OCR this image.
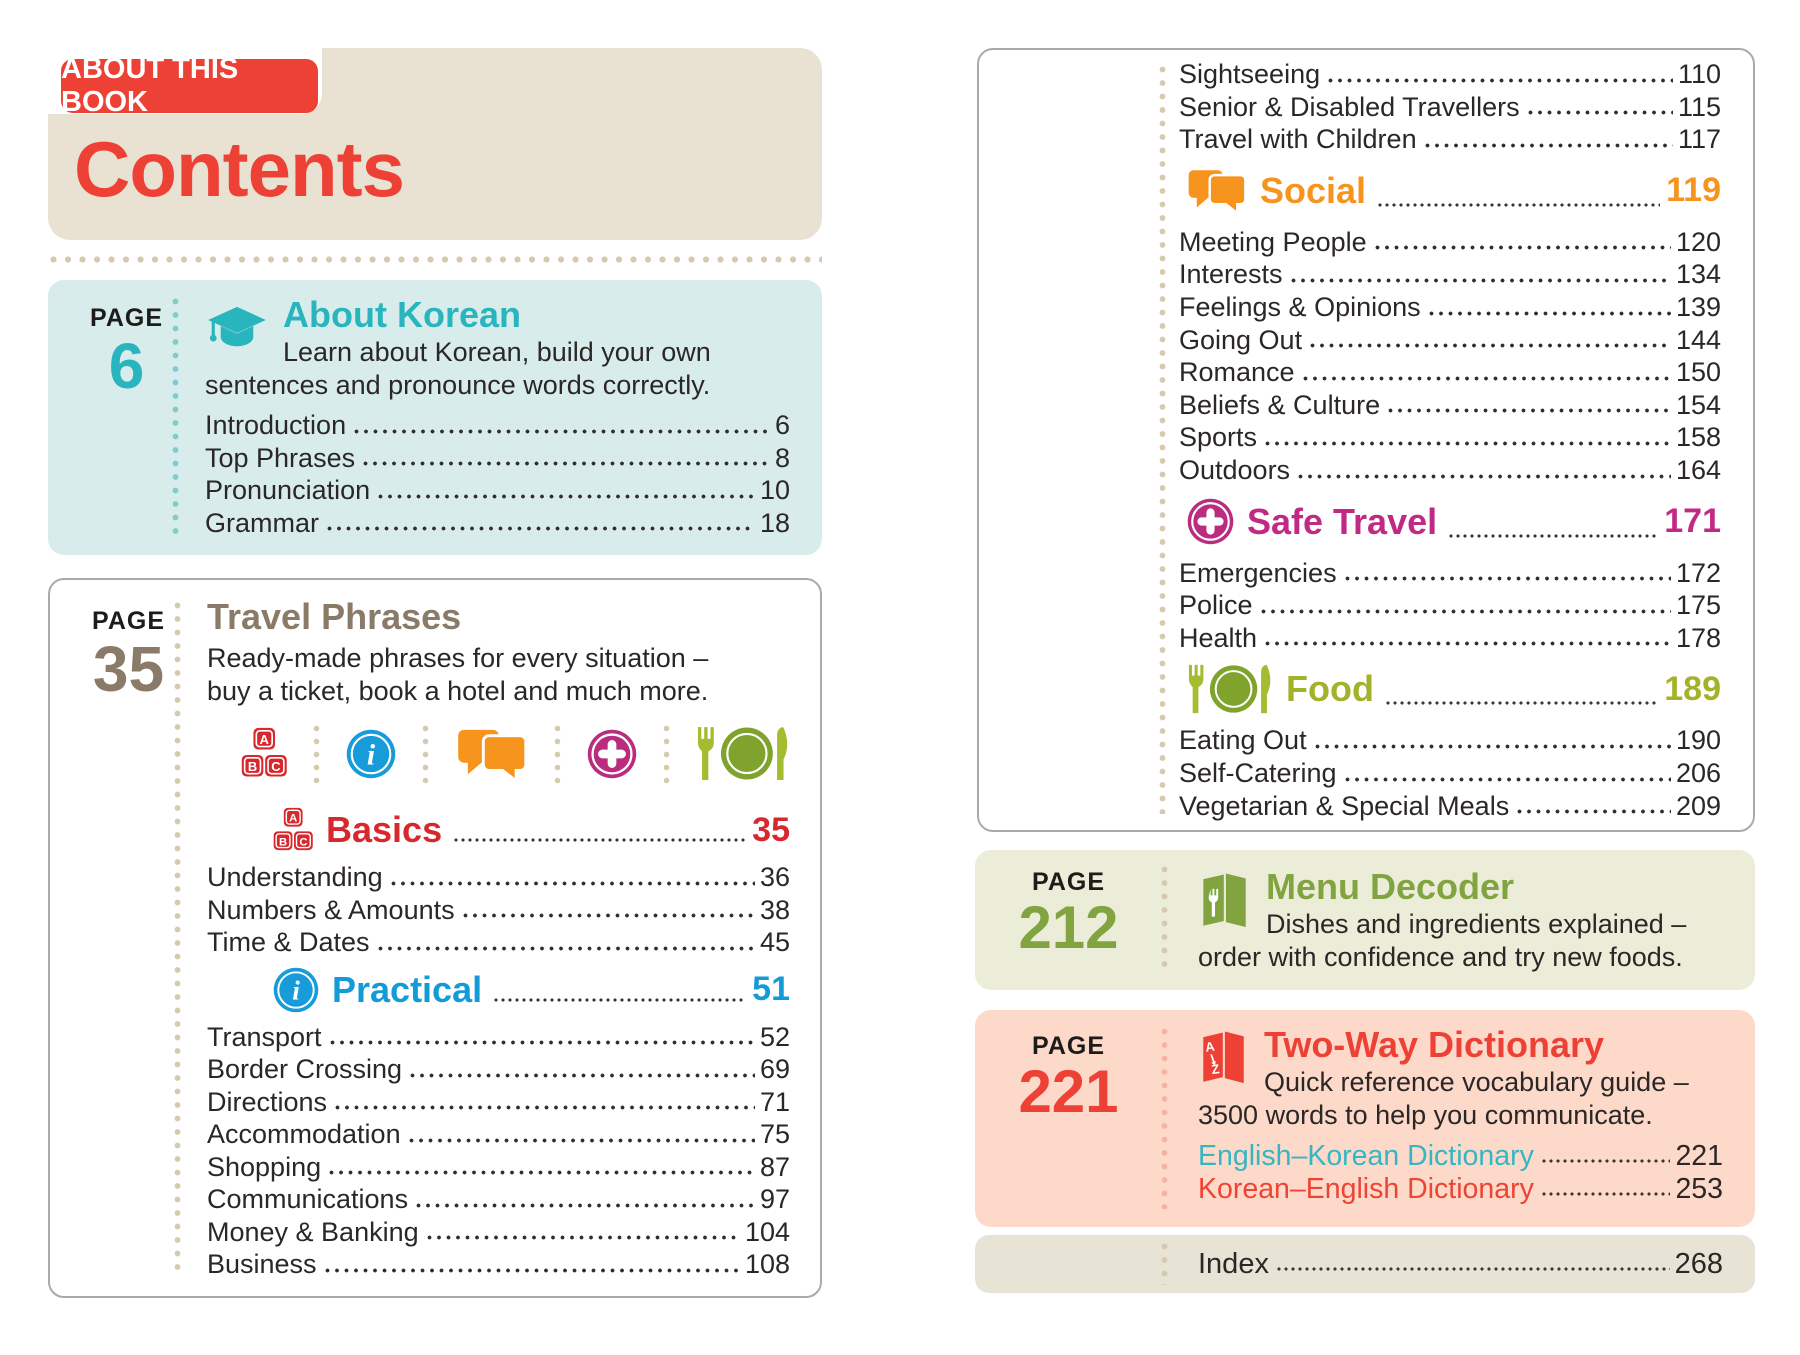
ABOUT THIS BOOK
Contents
PAGE
6
About Korean

Learn about Korean, build your own sentences and pronounce words correctly.

Introduction	6
Top Phrases	8
Pronunciation	10
Grammar	18
PAGE
35
Travel Phrases

Ready-made phrases for every situation – buy a ticket, book a hotel and much more.

Basics	35
Understanding	36
Numbers & Amounts	38
Time & Dates	45
Practical	51
Transport	52
Border Crossing	69
Directions	71
Accommodation	75
Shopping	87
Communications	97
Money & Banking	104
Business	108
Sightseeing	110
Senior & Disabled Travellers	115
Travel with Children	117
Social	119
Meeting People	120
Interests	134
Feelings & Opinions	139
Going Out	144
Romance	150
Beliefs & Culture	154
Sports	158
Outdoors	164
Safe Travel	171
Emergencies	172
Police	175
Health	178
Food	189
Eating Out	190
Self-Catering	206
Vegetarian & Special Meals	209
PAGE
212
Menu Decoder

Dishes and ingredients explained – order with confidence and try new foods.

PAGE
221
Two-Way Dictionary

Quick reference vocabulary guide – 3500 words to help you communicate.

English–Korean Dictionary	221
Korean–English Dictionary	253
Index	268
